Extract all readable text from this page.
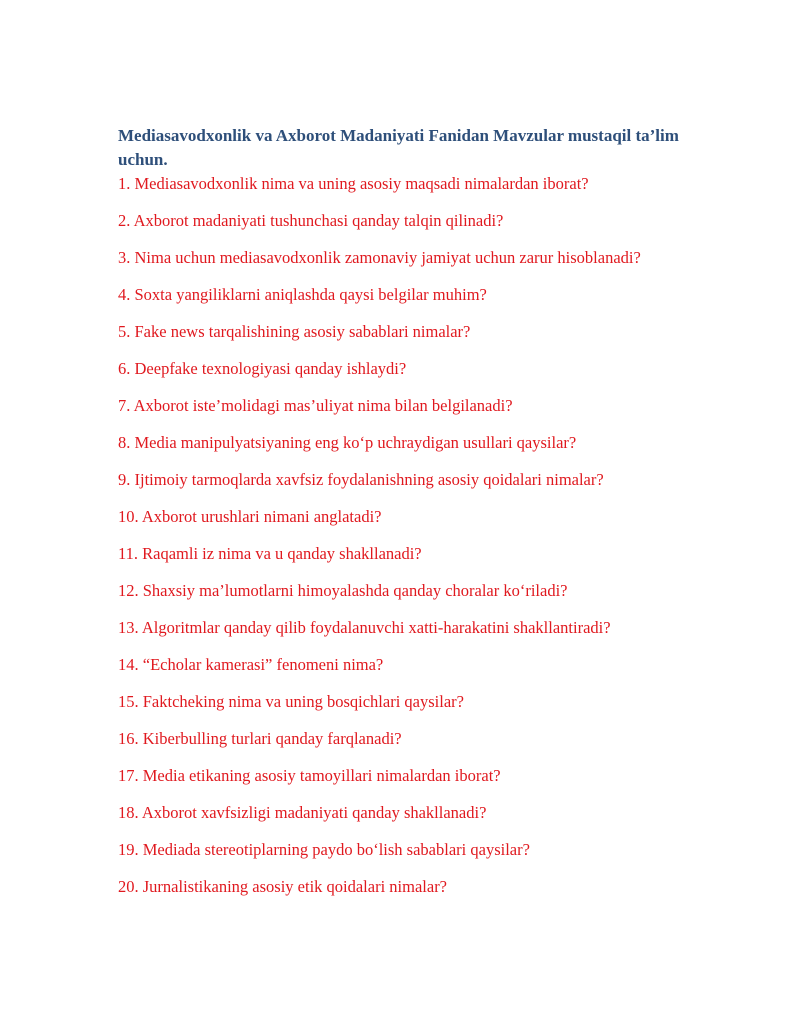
Mediasavodxonlik va Axborot Madaniyati Fanidan Mavzular mustaqil ta’lim uchun.
1. Mediasavodxonlik nima va uning asosiy maqsadi nimalardan iborat?
2. Axborot madaniyati tushunchasi qanday talqin qilinadi?
3. Nima uchun mediasavodxonlik zamonaviy jamiyat uchun zarur hisoblanadi?
4. Soxta yangiliklarni aniqlashda qaysi belgilar muhim?
5. Fake news tarqalishining asosiy sabablari nimalar?
6. Deepfake texnologiyasi qanday ishlaydi?
7. Axborot iste’molidagi mas’uliyat nima bilan belgilanadi?
8. Media manipulyatsiyaning eng ko‘p uchraydigan usullari qaysilar?
9. Ijtimoiy tarmoqlarda xavfsiz foydalanishning asosiy qoidalari nimalar?
10. Axborot urushlari nimani anglatadi?
11. Raqamli iz nima va u qanday shakllanadi?
12. Shaxsiy ma’lumotlarni himoyalashda qanday choralar ko‘riladi?
13. Algoritmlar qanday qilib foydalanuvchi xatti-harakatini shakllantiradi?
14. “Echolar kamerasi” fenomeni nima?
15. Faktcheking nima va uning bosqichlari qaysilar?
16. Kiberbulling turlari qanday farqlanadi?
17. Media etikaning asosiy tamoyillari nimalardan iborat?
18. Axborot xavfsizligi madaniyati qanday shakllanadi?
19. Mediada stereotiplarning paydo bo‘lish sabablari qaysilar?
20. Jurnalistikaning asosiy etik qoidalari nimalar?
